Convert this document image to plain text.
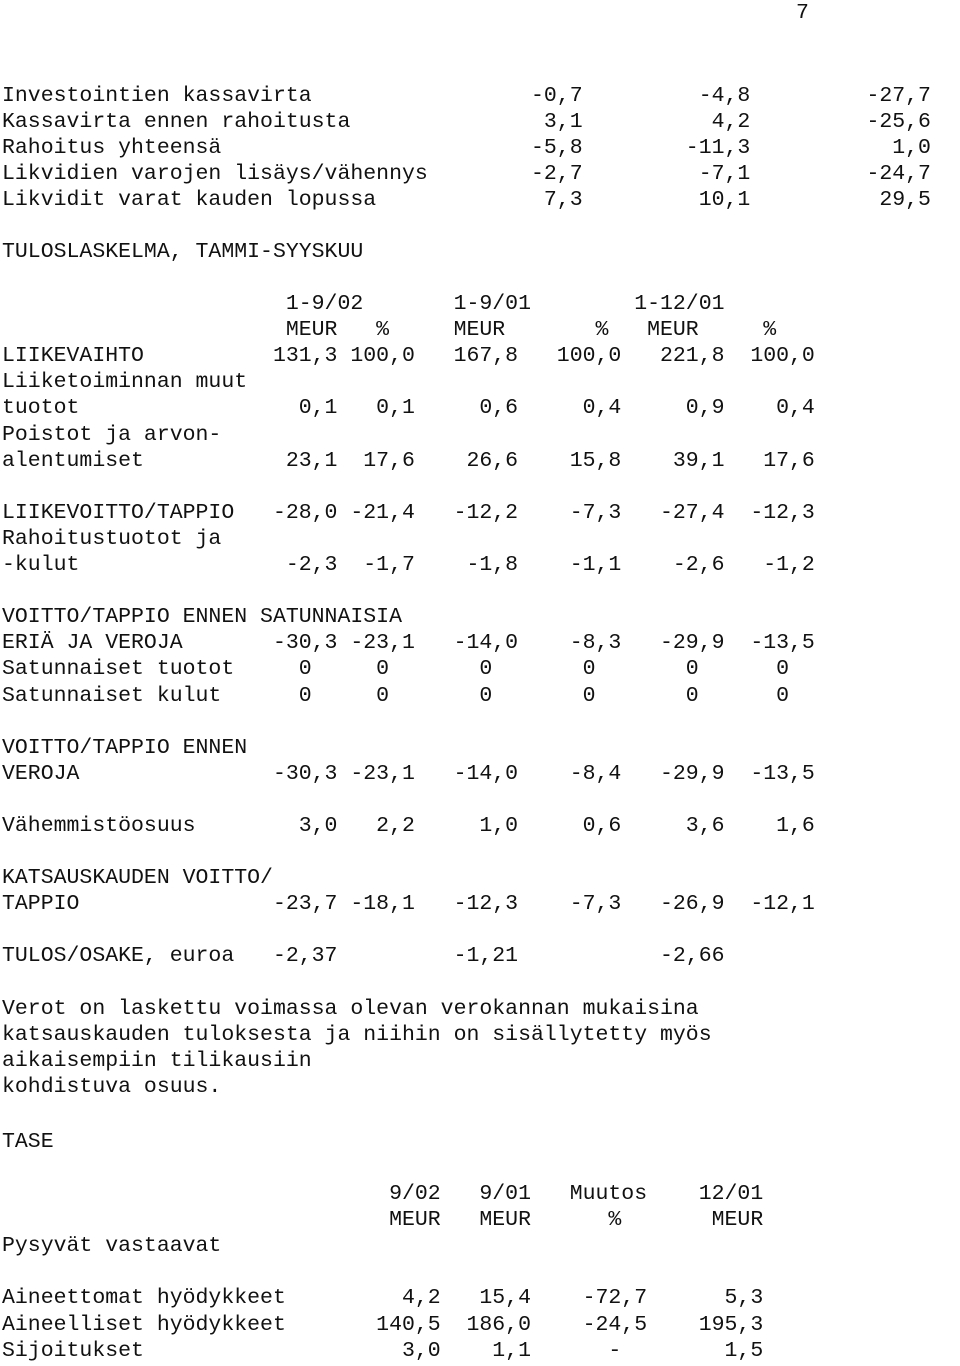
7
Investointien kassavirta                 -0,7         -4,8         -27,7
Kassavirta ennen rahoitusta               3,1          4,2         -25,6
Rahoitus yhteensä                        -5,8        -11,3           1,0
Likvidien varojen lisäys/vähennys        -2,7         -7,1         -24,7
Likvidit varat kauden lopussa             7,3         10,1          29,5
TULOSLASKELMA, TAMMI-SYYSKUU

1-9/02       1-9/01        1-12/01
MEUR   %     MEUR       %   MEUR     %
LIIKEVAIHTO          131,3 100,0   167,8   100,0   221,8  100,0
Liiketoiminnan muut
tuotot                 0,1   0,1     0,6     0,4     0,9    0,4
Poistot ja arvon-
alentumiset           23,1  17,6    26,6    15,8    39,1   17,6

LIIKEVOITTO/TAPPIO   -28,0 -21,4   -12,2    -7,3   -27,4  -12,3
Rahoitustuotot ja
-kulut                -2,3  -1,7    -1,8    -1,1    -2,6   -1,2

VOITTO/TAPPIO ENNEN SATUNNAISIA
ERIÄ JA VEROJA       -30,3 -23,1   -14,0    -8,3   -29,9  -13,5
Satunnaiset tuotot     0     0       0       0       0      0
Satunnaiset kulut      0     0       0       0       0      0

VOITTO/TAPPIO ENNEN
VEROJA               -30,3 -23,1   -14,0    -8,4   -29,9  -13,5

Vähemmistöosuus        3,0   2,2     1,0     0,6     3,6    1,6

KATSAUSKAUDEN VOITTO/
TAPPIO               -23,7 -18,1   -12,3    -7,3   -26,9  -12,1

TULOS/OSAKE, euroa   -2,37         -1,21           -2,66

Verot on laskettu voimassa olevan verokannan mukaisina
katsauskauden tuloksesta ja niihin on sisällytetty myös
aikaisempiin tilikausiin
kohdistuva osuus.
TASE

9/02   9/01   Muutos    12/01
MEUR   MEUR      %       MEUR
Pysyvät vastaavat

Aineettomat hyödykkeet         4,2   15,4    -72,7      5,3
Aineelliset hyödykkeet       140,5  186,0    -24,5    195,3
Sijoitukset                    3,0    1,1      -        1,5
